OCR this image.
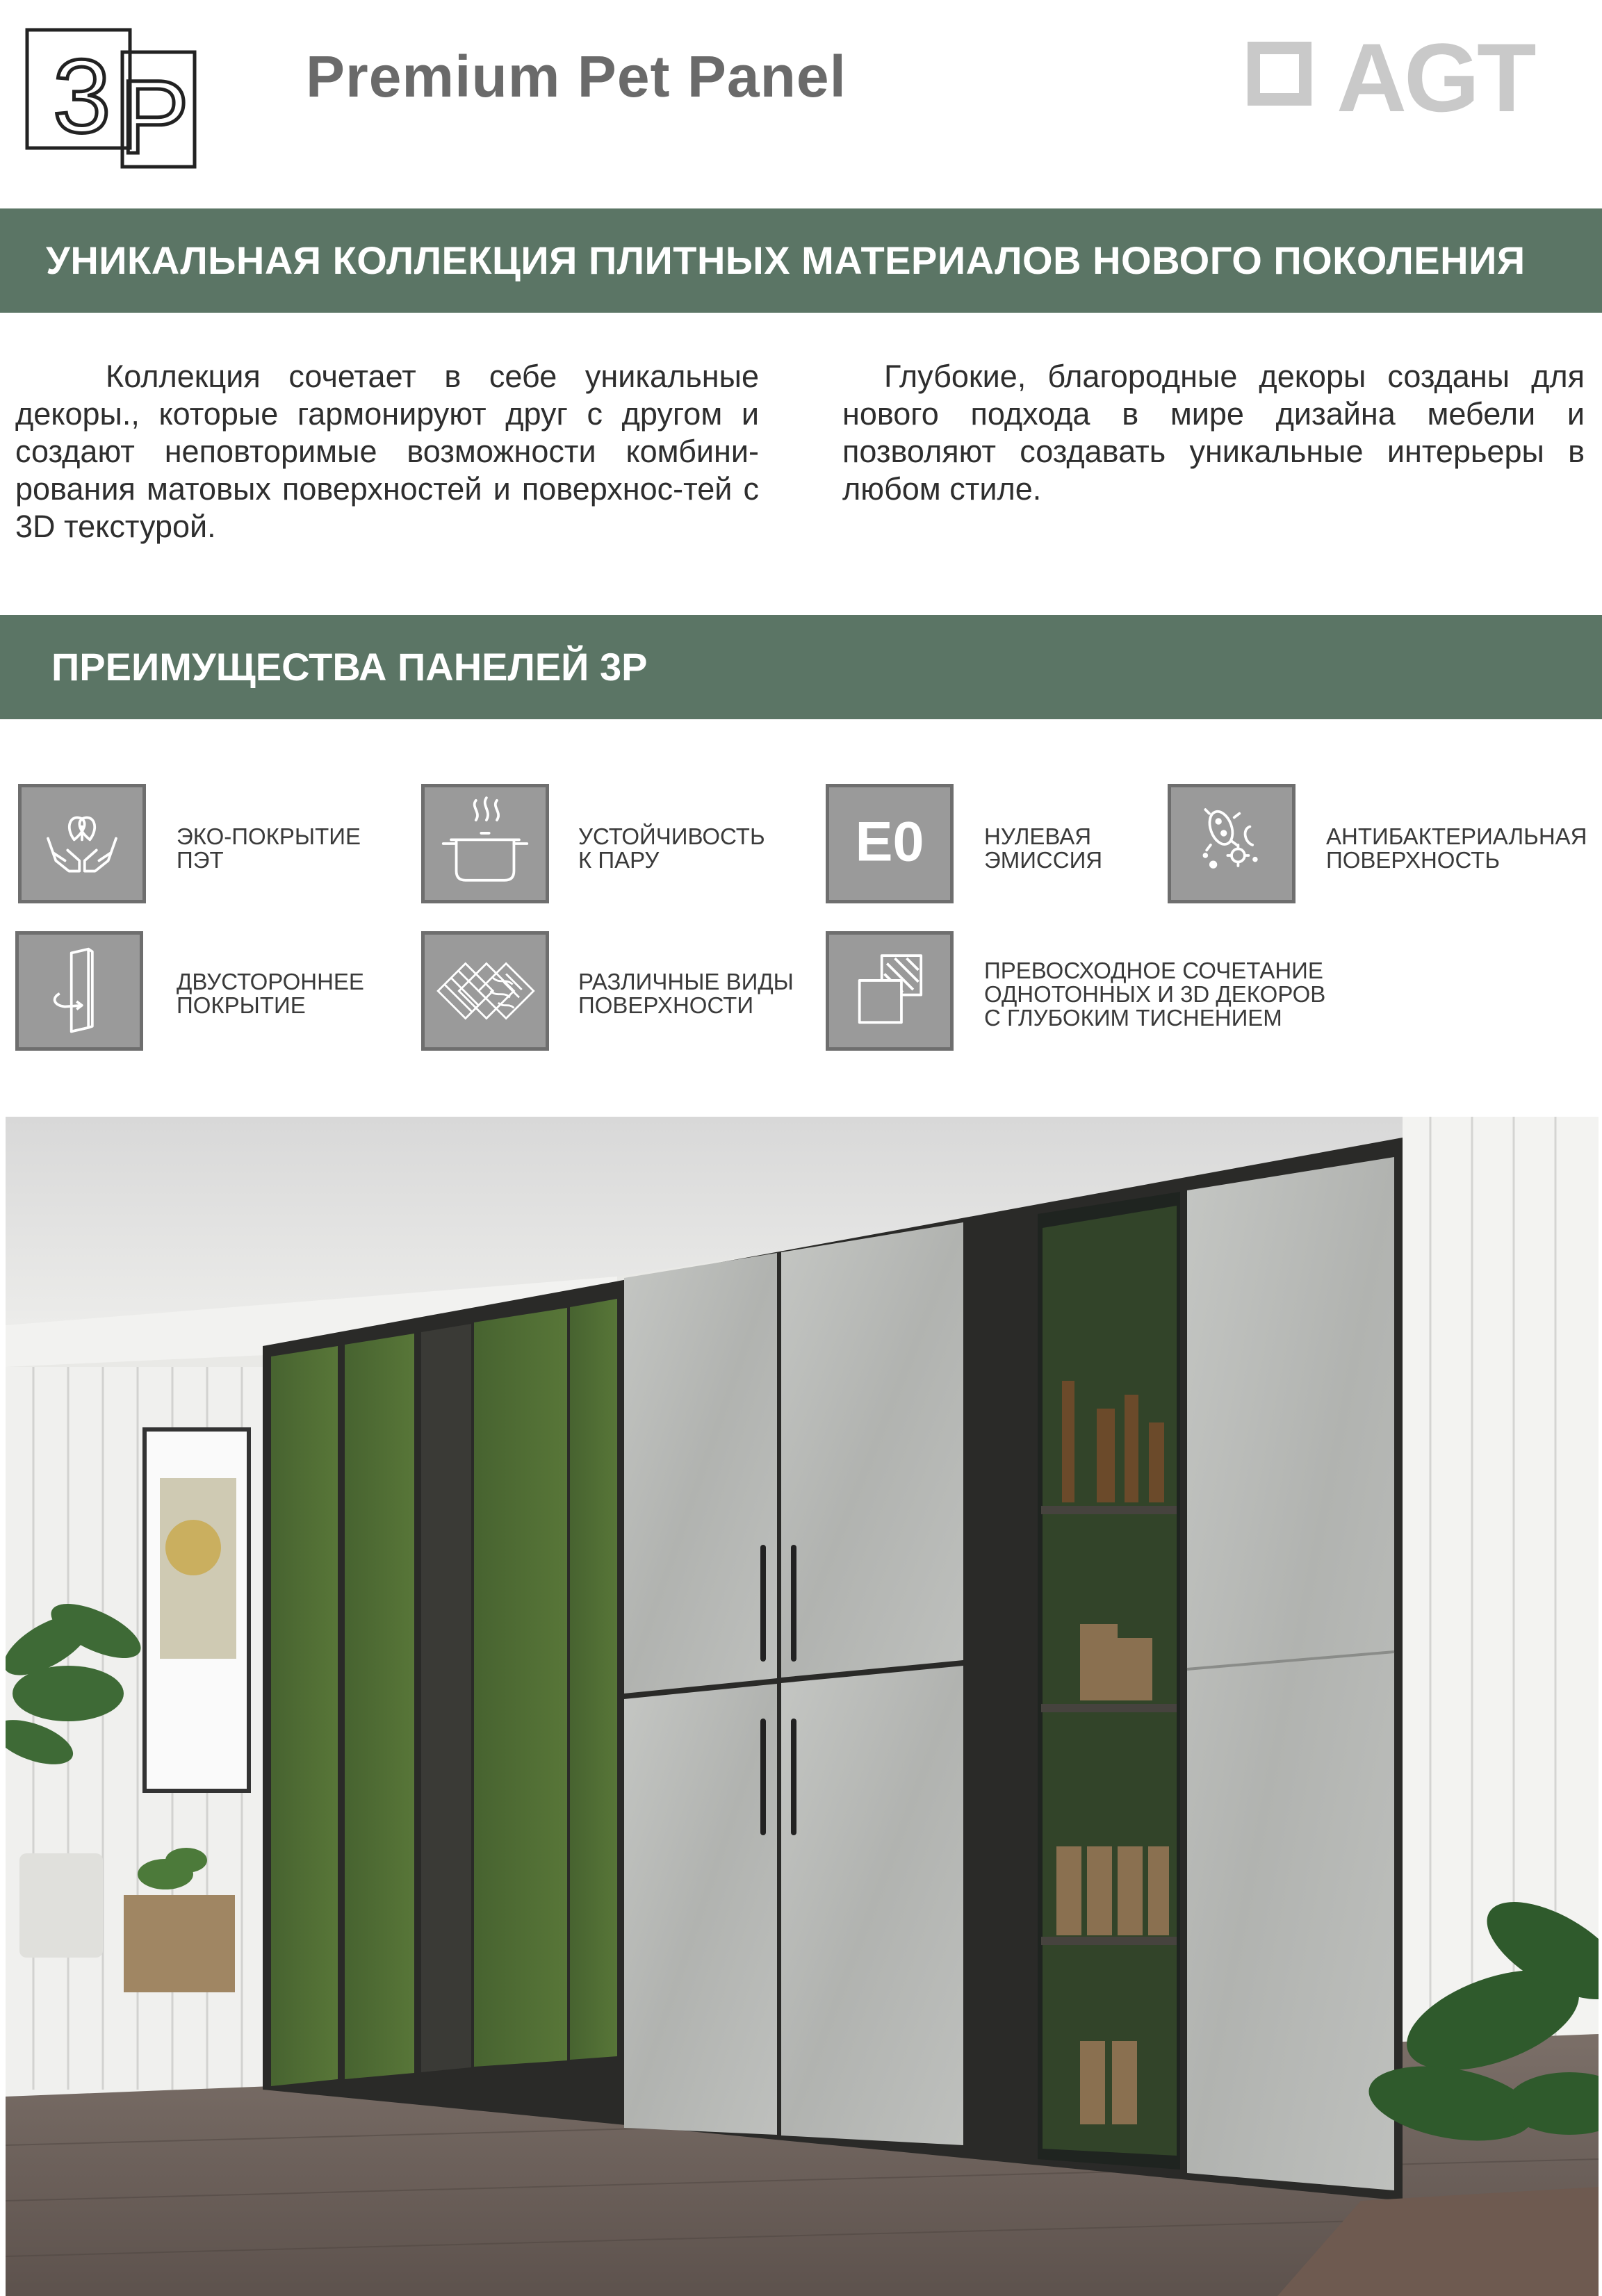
3 P Premium Pet Panel	AGT
УНИКАЛЬНАЯ КОЛЛЕКЦИЯ ПЛИТНЫХ МАТЕРИАЛОВ НОВОГО ПОКОЛЕНИЯ

Коллекция сочетает в себе уникальные декоры., которые гармонируют друг с другом и создают неповторимые возможности комбини-рования матовых поверхностей и поверхнос-тей с 3D текстурой.

Глубокие, благородные декоры созданы для нового подхода в мире дизайна мебели и позволяют создавать уникальные интерьеры в любом стиле.

ПРЕИМУЩЕСТВА ПАНЕЛЕЙ 3P
ЭКО-ПОКРЫТИЕ
ПЭТ
УСТОЙЧИВОСТЬ
К ПАРУ	E0	НУЛЕВАЯ
ЭМИССИЯ
АНТИБАКТЕРИАЛЬНАЯ
ПОВЕРХНОСТЬ
ДВУСТОРОННЕЕ
ПОКРЫТИЕ
РАЗЛИЧНЫЕ ВИДЫ
ПОВЕРХНОСТИ
ПРЕВОСХОДНОЕ СОЧЕТАНИЕ
ОДНОТОННЫХ И 3D ДЕКОРОВ
С ГЛУБОКИМ ТИСНЕНИЕМ
